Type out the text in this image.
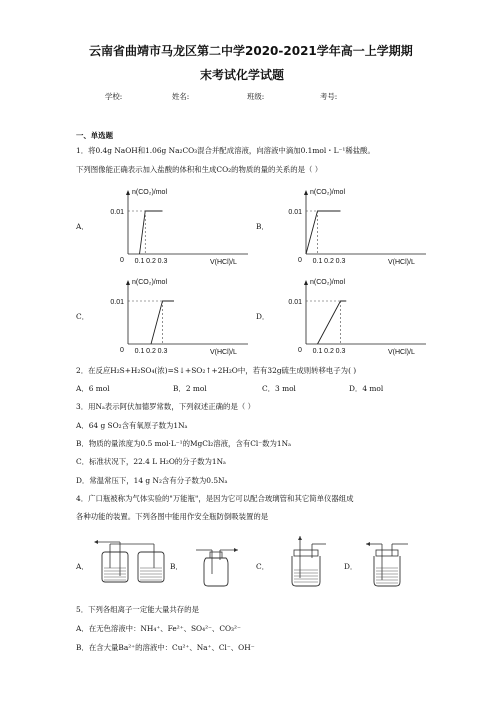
云南省曲靖市马龙区第二中学2020-2021学年高一上学期期
末考试化学试题
学校:	姓名:	班级:	考号:
一、单选题
1．将0.4g NaOH和1.06g Na₂CO₃混合并配成溶液，向溶液中滴加0.1mol・L⁻¹稀盐酸。
下列图像能正确表示加入盐酸的体积和生成CO₂的物质的量的关系的是（ ）
A．	B．
C．	D．
n(CO₂)/mol
V(HCl)/L
0.01
0 0.1 0.2 0.3
n(CO₂)/mol
V(HCl)/L
0.01
0 0.1 0.2 0.3
n(CO₂)/mol
V(HCl)/L
0.01
0 0.1 0.2 0.3
n(CO₂)/mol
V(HCl)/L
0.01
0 0.1 0.2 0.3
2．在反应H₂S+H₂SO₄(浓)=S↓+SO₂↑+2H₂O中，若有32g硫生成则转移电子为( )
A．6 mol	B．2 mol	C．3 mol	D．4 mol
3．用Nₐ表示阿伏加德罗常数，下列叙述正确的是（ ）
A．64 g SO₂含有氧原子数为1Nₐ
B．物质的量浓度为0.5 mol·L⁻¹的MgCl₂溶液，含有Cl⁻数为1Nₐ
C．标准状况下，22.4 L H₂O的分子数为1Nₐ
D．常温常压下，14 g N₂含有分子数为0.5Nₐ
4．广口瓶被称为气体实验的"万能瓶"，是因为它可以配合玻璃管和其它简单仪器组成
各种功能的装置。下列各图中能用作安全瓶防倒吸装置的是
A．	B．	C．	D．
5．下列各组离子一定能大量共存的是
A．在无色溶液中：NH₄⁺、Fe²⁺、SO₄²⁻、CO₃²⁻
B．在含大量Ba²⁺的溶液中：Cu²⁺、Na⁺、Cl⁻、OH⁻
